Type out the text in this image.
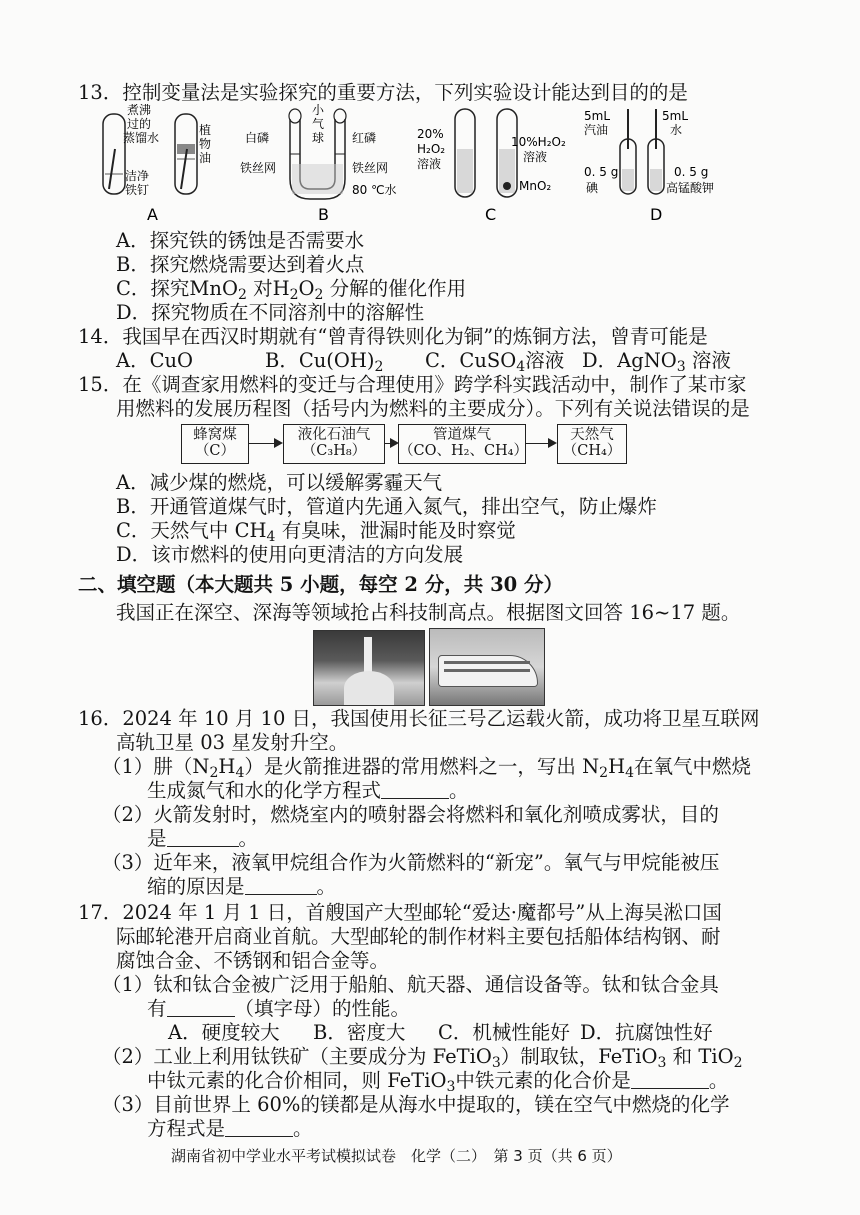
13．控制变量法是实验探究的重要方法，下列实验设计能达到目的的是
煮沸
过的
蒸馏水
植
物
油
洁净
铁钉
A
小
气
球
白磷	红磷
铁丝网	铁丝网
80 ℃水
B
20%
H₂O₂
溶液
10%H₂O₂
溶液
MnO₂
C
5mL
汽油
5mL
水
0. 5 g
碘
0. 5 g
高锰酸钾
D
A．探究铁的锈蚀是否需要水
B．探究燃烧需要达到着火点
C．探究MnO$_2$ 对$H_2O_2$ 分解的催化作用
D．探究物质在不同溶剂中的溶解性
14．我国早在西汉时期就有“曾青得铁则化为铜”的炼铜方法，曾青可能是
A．CuO	B．$Cu(OH)_2$ C．CuSO$_4$溶液 D．AgNO$_3$ 溶液
15．在《调查家用燃料的变迁与合理使用》跨学科实践活动中，制作了某市家
用燃料的发展历程图（括号内为燃料的主要成分）。下列有关说法错误的是
蜂窝煤
（C）
液化石油气
（C₃H₈）
管道煤气
（CO、H₂、CH₄）
天然气
（CH₄）
A．减少煤的燃烧，可以缓解雾霾天气
B．开通管道煤气时，管道内先通入氮气，排出空气，防止爆炸
C．天然气中 $CH_4$ 有臭味，泄漏时能及时察觉
D．该市燃料的使用向更清洁的方向发展
二、填空题（本大题共 5 小题，每空 2 分，共 30 分）
我国正在深空、深海等领域抢占科技制高点。根据图文回答 16~17 题。
16．2024 年 10 月 10 日，我国使用长征三号乙运载火箭，成功将卫星互联网
高轨卫星 03 星发射升空。
（1）肼$(N_2H_4)$是火箭推进器的常用燃料之一，写出 $N_2H_4$在氧气中燃烧
生成氮气和水的化学方程式	。
（2）火箭发射时，燃烧室内的喷射器会将燃料和氧化剂喷成雾状，目的
是	。
（3）近年来，液氧甲烷组合作为火箭燃料的“新宠”。氧气与甲烷能被压
缩的原因是	。
17．2024 年 1 月 1 日，首艘国产大型邮轮“爱达·魔都号”从上海吴淞口国
际邮轮港开启商业首航。大型邮轮的制作材料主要包括船体结构钢、耐
腐蚀合金、不锈钢和铝合金等。
（1）钛和钛合金被广泛用于船舶、航天器、通信设备等。钛和钛合金具
有	（填字母）的性能。
A．硬度较大 B．密度大 C．机械性能好 D．抗腐蚀性好
（2）工业上利用钛铁矿（主要成分为 FeTiO$_3$）制取钛，FeTiO$_3$ 和 TiO$_2$
中钛元素的化合价相同，则 FeTiO$_3$中铁元素的化合价是	。
（3）目前世界上 60%的镁都是从海水中提取的，镁在空气中燃烧的化学
方程式是	。
湖南省初中学业水平考试模拟试卷　化学（二）　第 3 页（共 6 页）
